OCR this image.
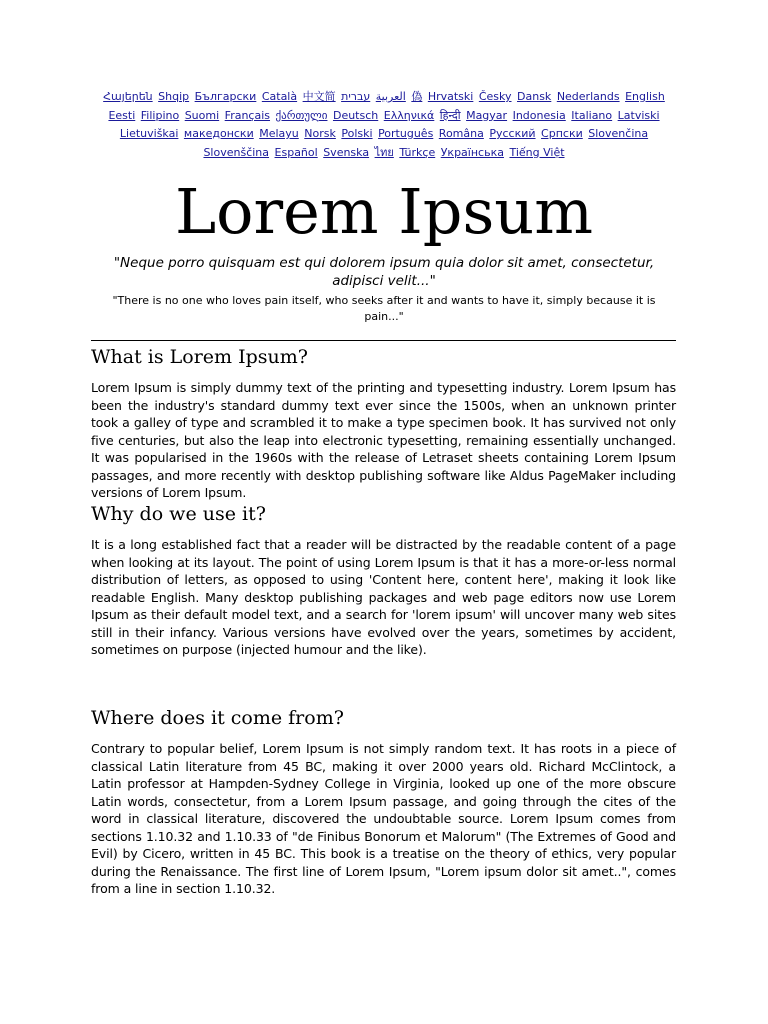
Հայերեն Shqip Български Català 中文简	العربية עברית	偽 Hrvatski Česky Dansk Nederlands English Eesti Filipino Suomi Français ქართული Deutsch Ελληνικά हिन्दी Magyar Indonesia Italiano Latviski Lietuviškai македонски Melayu Norsk Polski Português Româna Pусский Српски Slovenčina Slovenščina Español Svenska ไทย Türkçe Українська Tiếng Việt
Lorem Ipsum

"Neque porro quisquam est qui dolorem ipsum quia dolor sit amet, consectetur, adipisci velit..."

"There is no one who loves pain itself, who seeks after it and wants to have it, simply because it is pain..."

What is Lorem Ipsum?

Lorem Ipsum is simply dummy text of the printing and typesetting industry. Lorem Ipsum has been the industry's standard dummy text ever since the 1500s, when an unknown printer took a galley of type and scrambled it to make a type specimen book. It has survived not only five centuries, but also the leap into electronic typesetting, remaining essentially unchanged. It was popularised in the 1960s with the release of Letraset sheets containing Lorem Ipsum passages, and more recently with desktop publishing software like Aldus PageMaker including versions of Lorem Ipsum.

Why do we use it?

It is a long established fact that a reader will be distracted by the readable content of a page when looking at its layout. The point of using Lorem Ipsum is that it has a more-or-less normal distribution of letters, as opposed to using 'Content here, content here', making it look like readable English. Many desktop publishing packages and web page editors now use Lorem Ipsum as their default model text, and a search for 'lorem ipsum' will uncover many web sites still in their infancy. Various versions have evolved over the years, sometimes by accident, sometimes on purpose (injected humour and the like).

Where does it come from?

Contrary to popular belief, Lorem Ipsum is not simply random text. It has roots in a piece of classical Latin literature from 45 BC, making it over 2000 years old. Richard McClintock, a Latin professor at Hampden-Sydney College in Virginia, looked up one of the more obscure Latin words, consectetur, from a Lorem Ipsum passage, and going through the cites of the word in classical literature, discovered the undoubtable source. Lorem Ipsum comes from sections 1.10.32 and 1.10.33 of "de Finibus Bonorum et Malorum" (The Extremes of Good and Evil) by Cicero, written in 45 BC. This book is a treatise on the theory of ethics, very popular during the Renaissance. The first line of Lorem Ipsum, "Lorem ipsum dolor sit amet..", comes from a line in section 1.10.32.
